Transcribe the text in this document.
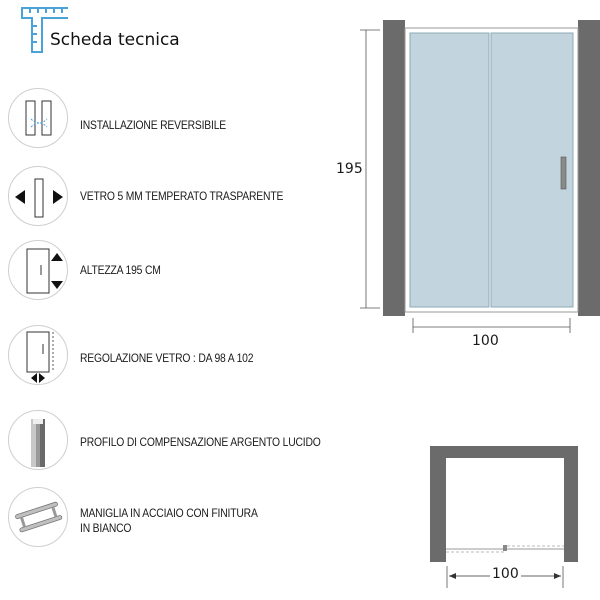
Scheda tecnica
INSTALLAZIONE REVERSIBILE
VETRO 5 MM TEMPERATO TRASPARENTE
ALTEZZA 195 CM
REGOLAZIONE VETRO : DA 98 A 102
PROFILO DI COMPENSAZIONE ARGENTO LUCIDO
MANIGLIA IN ACCIAIO CON FINITURA
IN BIANCO
195
100
100
